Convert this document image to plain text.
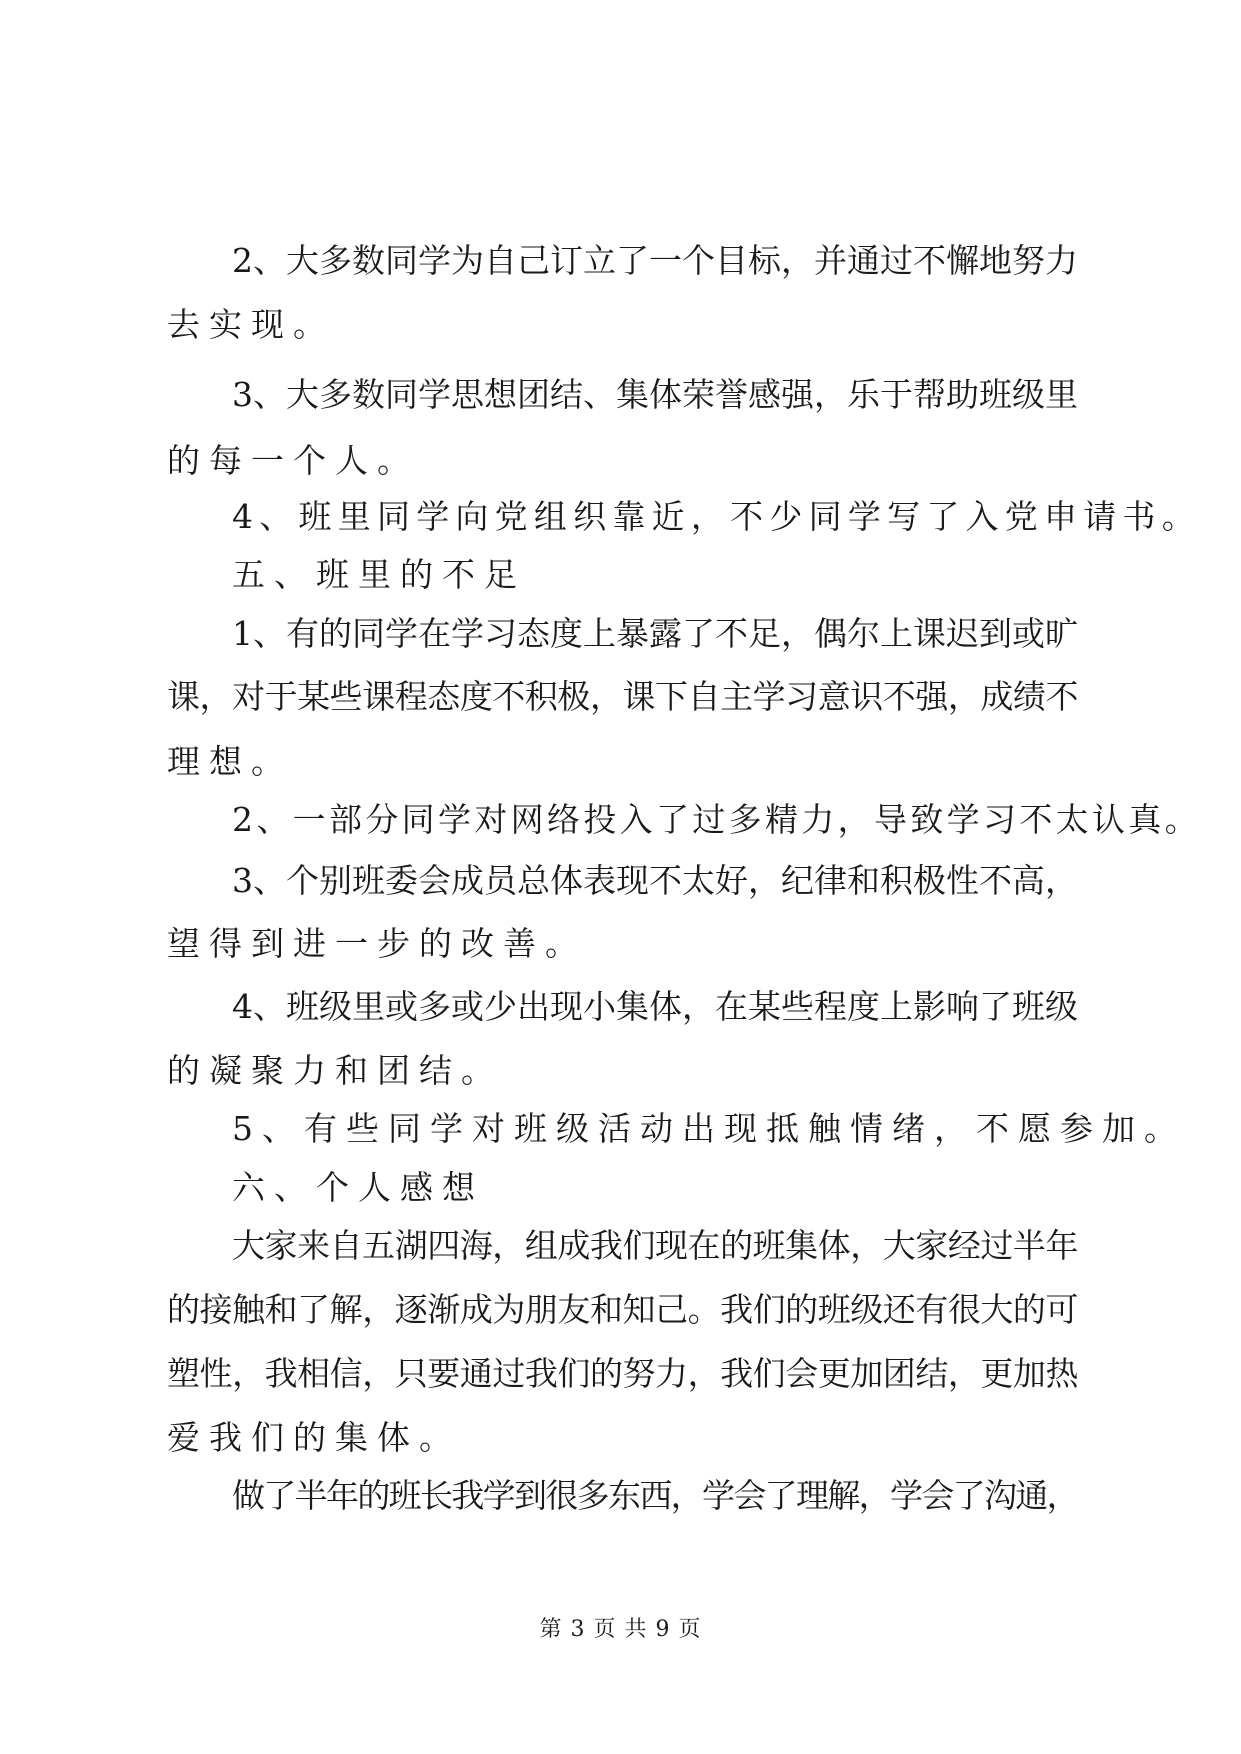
2、大多数同学为自己订立了一个目标，并通过不懈地努力
去实现。
3、大多数同学思想团结、集体荣誉感强，乐于帮助班级里
的每一个人。
4、班里同学向党组织靠近，不少同学写了入党申请书。
五、班里的不足
1、有的同学在学习态度上暴露了不足，偶尔上课迟到或旷
课，对于某些课程态度不积极，课下自主学习意识不强，成绩不
理想。
2、一部分同学对网络投入了过多精力，导致学习不太认真。
3、个别班委会成员总体表现不太好，纪律和积极性不高，
望得到进一步的改善。
4、班级里或多或少出现小集体，在某些程度上影响了班级
的凝聚力和团结。
5、有些同学对班级活动出现抵触情绪，不愿参加。
六、个人感想
大家来自五湖四海，组成我们现在的班集体，大家经过半年
的接触和了解，逐渐成为朋友和知己。我们的班级还有很大的可
塑性，我相信，只要通过我们的努力，我们会更加团结，更加热
爱我们的集体。
做了半年的班长我学到很多东西，学会了理解，学会了沟通，
第 3 页 共 9 页
